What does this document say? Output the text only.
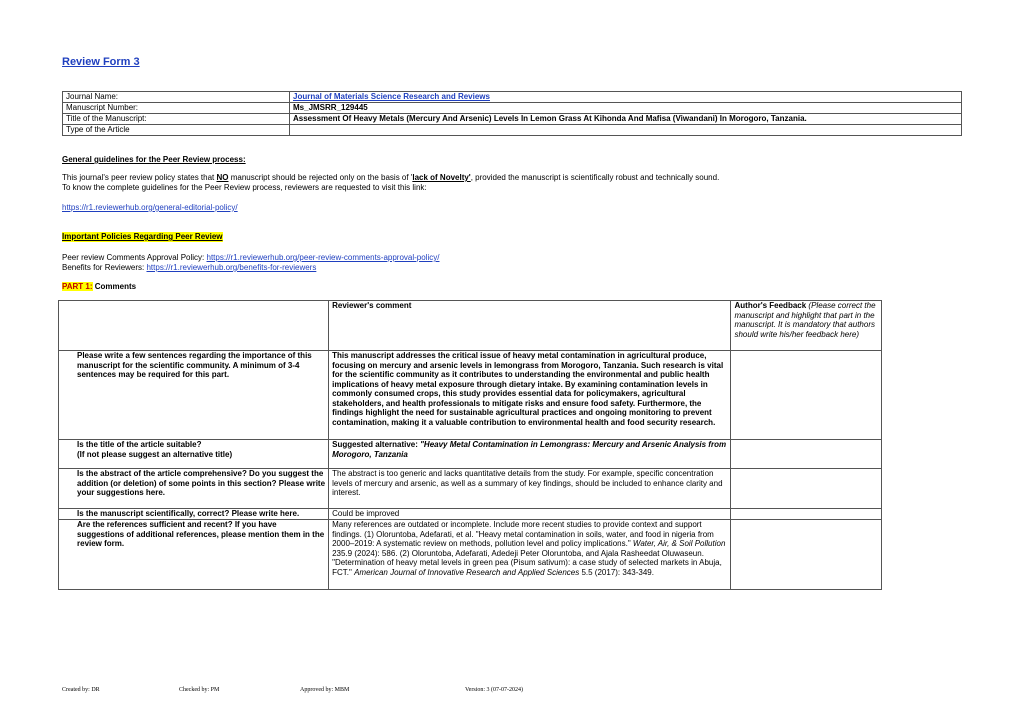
Review Form 3
Journal Name:	Journal of Materials Science Research and Reviews
Manuscript Number:	Ms_JMSRR_129445
Title of the Manuscript:	Assessment Of Heavy Metals (Mercury And Arsenic) Levels In Lemon Grass At Kihonda And Mafisa (Viwandani) In Morogoro, Tanzania.
Type of the Article	
General guidelines for the Peer Review process:
This journal's peer review policy states that NO manuscript should be rejected only on the basis of 'lack of Novelty', provided the manuscript is scientifically robust and technically sound.
To know the complete guidelines for the Peer Review process, reviewers are requested to visit this link:
https://r1.reviewerhub.org/general-editorial-policy/
Important Policies Regarding Peer Review
Peer review Comments Approval Policy: https://r1.reviewerhub.org/peer-review-comments-approval-policy/
Benefits for Reviewers: https://r1.reviewerhub.org/benefits-for-reviewers
PART 1: Comments
	Reviewer's comment	Author's Feedback (Please correct the manuscript and highlight that part in the manuscript. It is mandatory that authors should write his/her feedback here)
Please write a few sentences regarding the importance of this manuscript for the scientific community. A minimum of 3-4 sentences may be required for this part.	This manuscript addresses the critical issue of heavy metal contamination in agricultural produce, focusing on mercury and arsenic levels in lemongrass from Morogoro, Tanzania. Such research is vital for the scientific community as it contributes to understanding the environmental and public health implications of heavy metal exposure through dietary intake. By examining contamination levels in commonly consumed crops, this study provides essential data for policymakers, agricultural stakeholders, and health professionals to mitigate risks and ensure food safety. Furthermore, the findings highlight the need for sustainable agricultural practices and ongoing monitoring to prevent contamination, making it a valuable contribution to environmental health and food security research.	

Is the title of the article suitable?
(If not please suggest an alternative title)	Suggested alternative: "Heavy Metal Contamination in Lemongrass: Mercury and Arsenic Analysis from Morogoro, Tanzania	
Is the abstract of the article comprehensive? Do you suggest the addition (or deletion) of some points in this section? Please write your suggestions here.	The abstract is too generic and lacks quantitative details from the study. For example, specific concentration levels of mercury and arsenic, as well as a summary of key findings, should be included to enhance clarity and interest.	
Is the manuscript scientifically, correct? Please write here.	Could be improved	
Are the references sufficient and recent? If you have suggestions of additional references, please mention them in the review form.	Many references are outdated or incomplete. Include more recent studies to provide context and support findings. (1) Oloruntoba, Adefarati, et al. "Heavy metal contamination in soils, water, and food in nigeria from 2000–2019: A systematic review on methods, pollution level and policy implications." Water, Air, & Soil Pollution 235.9 (2024): 586. (2) Oloruntoba, Adefarati, Adedeji Peter Oloruntoba, and Ajala Rasheedat Oluwaseun. "Determination of heavy metal levels in green pea (Pisum sativum): a case study of selected markets in Abuja, FCT." American Journal of Innovative Research and Applied Sciences 5.5 (2017): 343-349.	
Created by: DR	Checked by: PM	Approved by: MBM	Version: 3 (07-07-2024)
